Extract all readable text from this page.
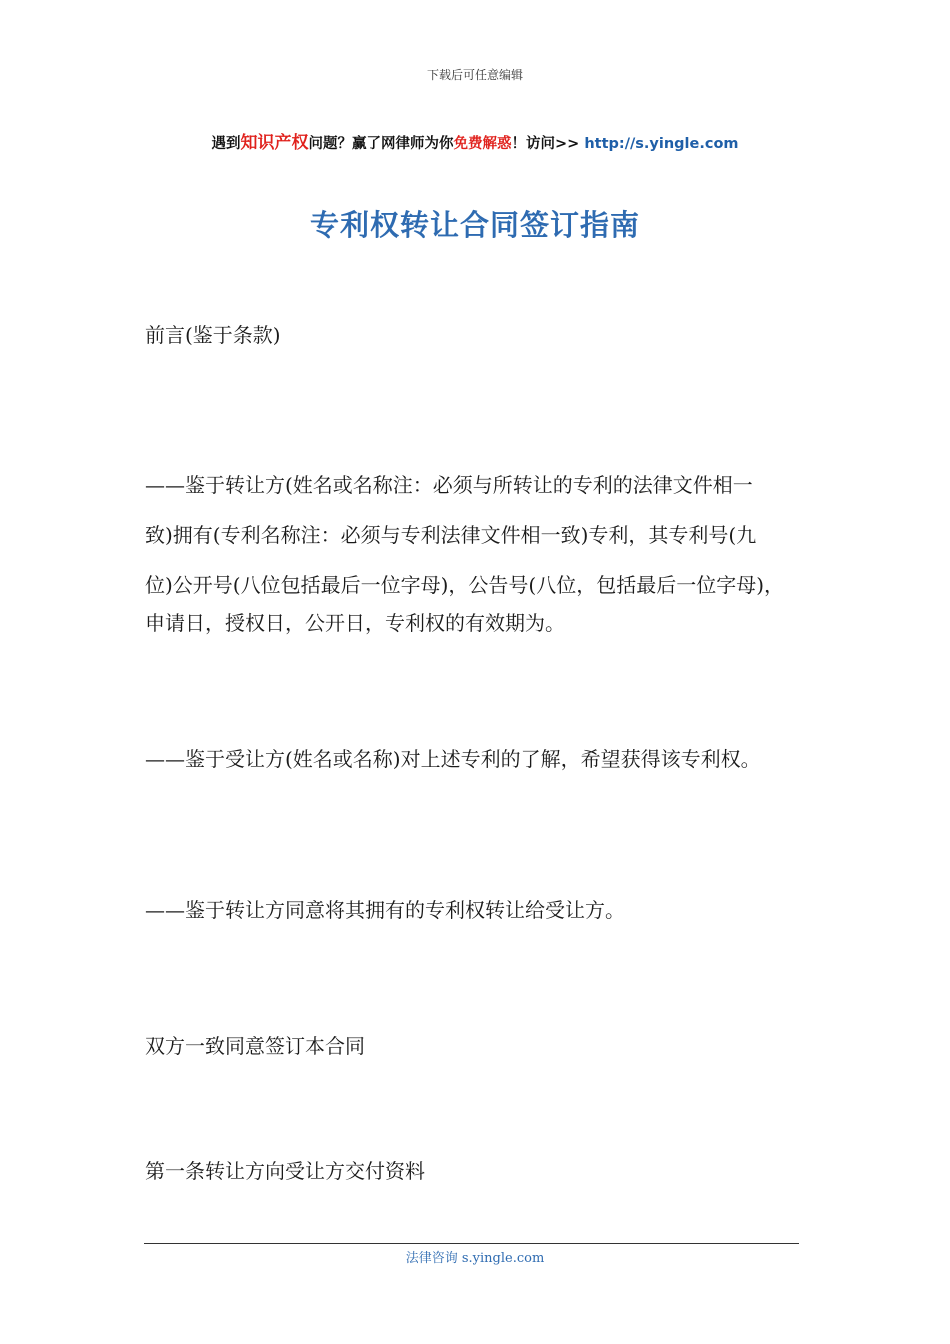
下载后可任意编辑
遇到知识产权问题？赢了网律师为你免费解惑！访问>> http://s.yingle.com
专利权转让合同签订指南
前言(鉴于条款)
——鉴于转让方(姓名或名称注：必须与所转让的专利的法律文件相一
致)拥有(专利名称注：必须与专利法律文件相一致)专利，其专利号(九
位)公开号(八位包括最后一位字母)，公告号(八位，包括最后一位字母)，
申请日，授权日，公开日，专利权的有效期为。
——鉴于受让方(姓名或名称)对上述专利的了解，希望获得该专利权。
——鉴于转让方同意将其拥有的专利权转让给受让方。
双方一致同意签订本合同
第一条转让方向受让方交付资料
法律咨询 s.yingle.com
